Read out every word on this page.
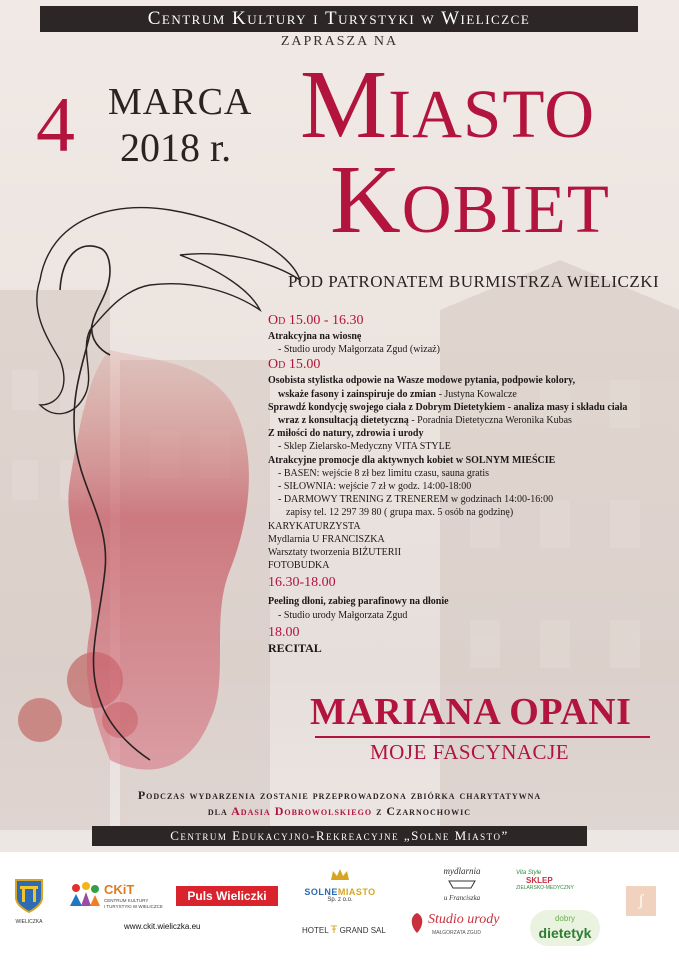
Centrum Kultury i Turystyki w Wieliczce
ZAPRASZA NA
4 MARCA
2018 r. Miasto
Kobiet
POD PATRONATEM BURMISTRZA WIELICZKI
Od 15.00 - 16.30
Atrakcyjna na wiosnę
- Studio urody Małgorzata Zgud (wizaż)
Od 15.00
Osobista stylistka odpowie na Wasze modowe pytania, podpowie kolory,
wskaże fasony i zainspiruje do zmian - Justyna Kowalcze
Sprawdź kondycję swojego ciała z Dobrym Dietetykiem - analiza masy i składu ciała
wraz z konsultacją dietetyczną - Poradnia Dietetyczna Weronika Kubas
Z miłości do natury, zdrowia i urody
- Sklep Zielarsko-Medyczny VITA STYLE
Atrakcyjne promocje dla aktywnych kobiet w SOLNYM MIEŚCIE
- BASEN: wejście 8 zł bez limitu czasu, sauna gratis
- SIŁOWNIA: wejście 7 zł w godz. 14:00-18:00
- DARMOWY TRENING Z TRENEREM w godzinach 14:00-16:00
zapisy tel. 12 297 39 80 ( grupa max. 5 osób na godzinę)
KARYKATURZYSTA
Mydlarnia U FRANCISZKA
Warsztaty tworzenia BIŻUTERII
FOTOBUDKA
16.30-18.00
Peeling dłoni, zabieg parafinowy na dłonie
- Studio urody Małgorzata Zgud
18.00
RECITAL
MARIANA OPANI
MOJE FASCYNACJE
Podczas wydarzenia zostanie przeprowadzona zbiórka charytatywna
dla Adasia Dobrowolskiego z Czarnochowic
Centrum Edukacyjno-Rekreacyjne „Solne Miasto”
WIELICZKA
CKiT
CENTRUM KULTURY
I TURYSTYKI W WIELICZCE
www.ckit.wieliczka.eu
Puls Wieliczki	SOLNEMIASTO
Sp. z o.o.
HOTEL Ŧ GRAND SAL
mydlarnia
u Franciszka
Studio urody
MAŁGORZATA ZGUD
Vita Style
SKLEP
ZIELARSKO-MEDYCZNY
dobry
dietetyk
ʃ
